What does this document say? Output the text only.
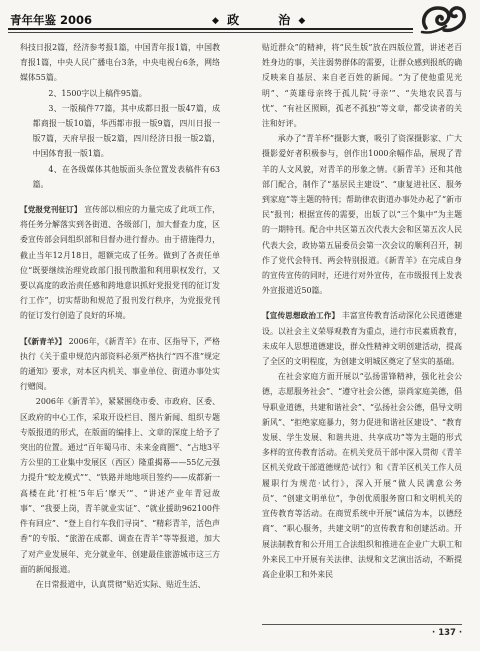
青年年鉴 2006	◆ 政	治 ◆

科技日报2篇，经济参考报1篇，中国青年报1篇，中国教育报1篇，中央人民广播电台3条，中央电视台6条，网络媒体55篇。

2、1500字以上稿件95篇。

3、一版稿件77篇，其中成都日报一版47篇，成都商报一版10篇，华西都市报一版9篇，四川日报一版7篇，天府早报一版2篇，四川经济日报一版2篇，中国体育报一版1篇。

4、在各级媒体其他版面头条位置发表稿件有63篇。

【党报党刊征订】 宣传部以相应的力量完成了此项工作，将任务分解落实到各街道、各级部门，加大督查力度，区委宣传部会同组织部和目督办进行督办。由于措施得力，截止当年12月18日，超额完成了任务。做到了各责任单位“既要继续治理党政部门报刊散滥和利用职权发行，又要以高度的政治责任感和跨地意识抓好党报党刊的征订发行工作”，切实帮助和规范了报刊发行秩序，为党报党刊的征订发行创造了良好的环境。

【《新青羊》】 2006年，《新青羊》在市、区指导下，严格执行《关于重申规范内部资料必须严格执行“四不准”规定的通知》要求，对本区内机关、事业单位、街道办事处实行赠阅。

2006年《新青羊》，紧紧围绕市委、市政府、区委、区政府的中心工作，采取开设栏目、图片新闻、组织专题专版报道的形式，在版面的编排上、文章的深度上给予了突出的位置。通过“百年蜀马市、未来金商圈”、“占地3平方公里的工业集中发展区（西区）隆重揭幕——55亿元强力提升“蛟龙模式””、“铁路并地地项目签约——成都新一高楼在此‘打桩’5年后‘摩天’”、“讲述产业年青冠故事”、“我要上岗，青羊就业实证”、“就业援助962100件件有回应”、“登上自行车我们寻岗”、“精彩青羊，活色声香”的专版、“旅游在成都、调查在青羊”等等报道，加大了对产业发展年、充分就业年、创建最佳旅游城市这三方面的新闻报道。

在日常报道中，认真贯彻“贴近实际、贴近生活、

贴近群众”的精神，将“民生版”放在四版位置，讲述老百姓身边的事，关注弱势群体的需要，让群众感到报纸的确反映来自基层、来自老百姓的新闻。“为了使他重见光明”、“英雄母亲终于孤儿院‘寻亲’”、“失地农民喜与忧”、“有社区照顾，孤老不孤独”等文章，都受读者的关注和好评。

承办了“青羊杯”摄影大赛，吸引了资深摄影家、广大摄影爱好者积极参与，创作出1000余幅作品，展现了青羊的人文风貌，对青羊的形象之情。《新青羊》还和其他部门配合，制作了“基层民主建设”、“康复进社区、服务到家庭”等主题的特刊；帮助律农街道办事处办起了“新市民”报刊；根据宣传的需要，出版了以“三个集中”为主题的一期特刊。配合中共区第五次代表大会和区第五次人民代表大会，政协第五届委员会第一次会议的顺利召开，制作了党代会特刊、两会特别报道。《新青羊》在完成自身的宣传宣传的同时，还进行对外宣传，在市级报刊上发表外宣报道近50篇。

【宣传思想政治工作】 丰富宣传教育活动深化公民道德建设。以社会主义荣辱观教育为重点，进行市民素质教育，未成年人思想道德建设，群众性精神文明创建活动，提高了全区的文明程度，为创建文明城区奠定了坚实的基础。

在社会家庭方面开展以“弘扬雷锋精神，强化社会公德，志愿服务社会”、“遵守社会公德，崇尚家庭美德，倡导职业道德，共建和谐社会”、“弘扬社会公德，倡导文明新风”、“拒绝家庭暴力，努力促进和谐社区建设”、“教育发展、学生发展、和谐共进、共享成功”等为主题的形式多样的宣传教育活动。在机关党员干部中深入贯彻《青羊区机关党政干部道德规范·试行》和《青羊区机关工作人员履职行为规范·试行》，深入开展“做人民满意公务员”、“创建文明单位”，争创优质服务窗口和文明机关的宣传教育等活动。在商贸系统中开展“诚信为本，以德经商”、“职心服务，共建文明”的宣传教育和创建活动。开展法制教育和公开用工合法组织和推进在企业广大职工和外来民工中开展有关法律、法规和文艺演出活动，不断提高企业职工和外来民

· 137 ·
